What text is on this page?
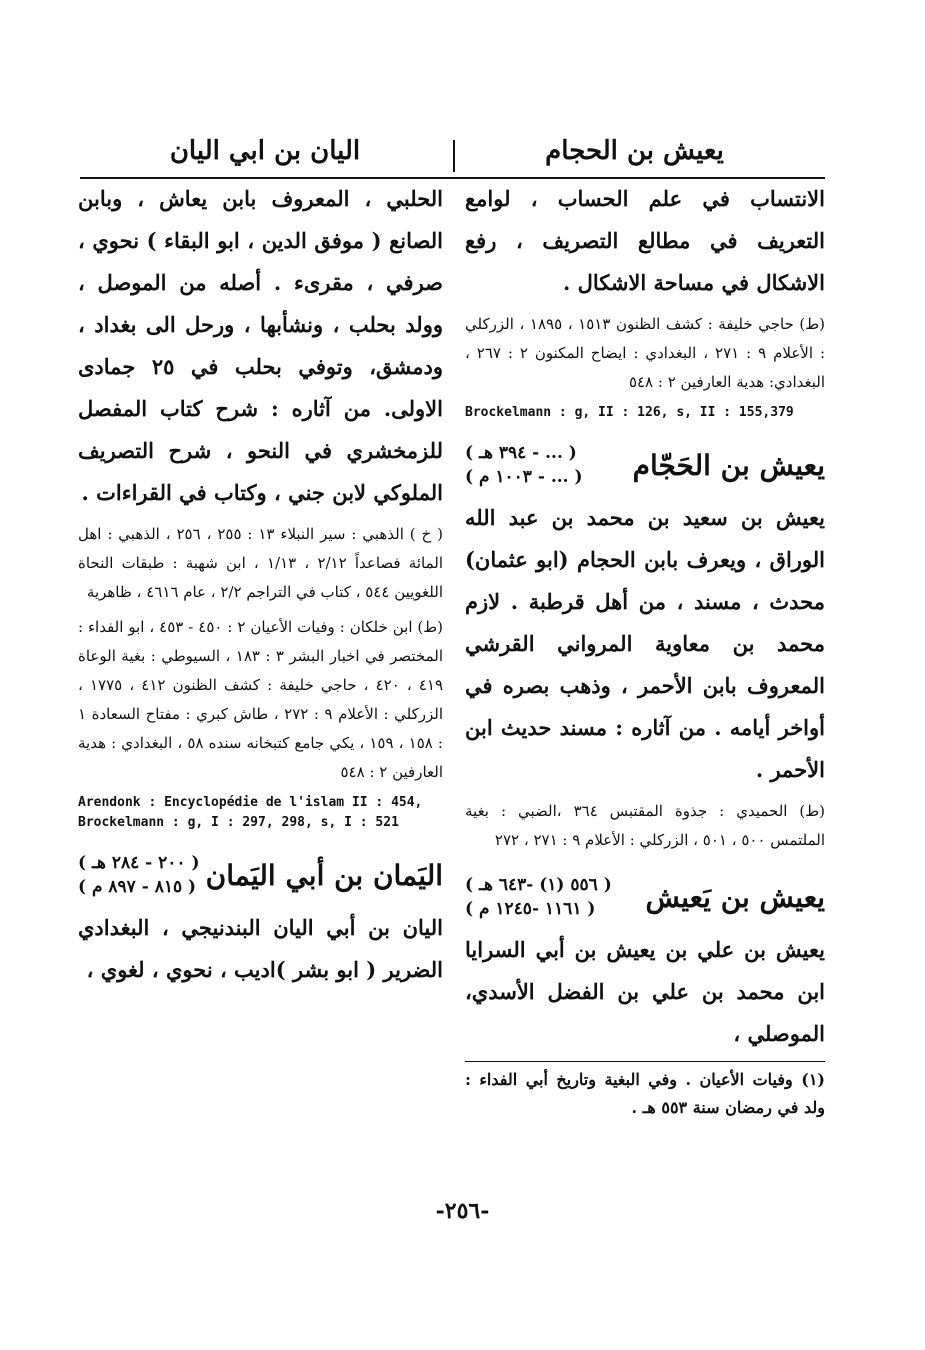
يعيش بن الحجام
اليان بن ابي اليان

الانتساب في علم الحساب ، لوامع التعريف في مطالع التصريف ، رفع الاشكال في مساحة الاشكال .

(ط) حاجي خليفة : كشف الظنون ١٥١٣ ، ١٨٩٥ ، الزركلي : الأعلام ٩ : ٢٧١ ، البغدادي : ايضاح المكنون ٢ : ٢٦٧ ، البغدادي: هدية العارفين ٢ : ٥٤٨

Brockelmann : g, II : 126, s, II : 155,379

يعيش بن الحَجّام
( ... - ٣٩٤ هـ )
( ... - ١٠٠٣ م )

يعيش بن سعيد بن محمد بن عبد الله الوراق ، ويعرف بابن الحجام (ابو عثمان) محدث ، مسند ، من أهل قرطبة . لازم محمد بن معاوية المرواني القرشي المعروف بابن الأحمر ، وذهب بصره في أواخر أيامه . من آثاره : مسند حديث ابن الأحمر .

(ط) الحميدي : جذوة المقتبس ٣٦٤ ،الضبي : بغية الملتمس ٥٠٠ ، ٥٠١ ، الزركلي : الأعلام ٩ : ٢٧١ ، ٢٧٢

يعيش بن يَعيش
( ٥٥٦ (١) -٦٤٣ هـ )
( ١١٦١ -١٢٤٥ م )

يعيش بن علي بن يعيش بن أبي السرايا ابن محمد بن علي بن الفضل الأسدي، الموصلي ،

(١) وفيات الأعيان . وفي البغية وتاريخ أبي الفداء : ولد في رمضان سنة ٥٥٣ هـ .

الحلبي ، المعروف بابن يعاش ، وبابن الصانع ( موفق الدين ، ابو البقاء ) نحوي ، صرفي ، مقرىء . أصله من الموصل ، وولد بحلب ، ونشأبها ، ورحل الى بغداد ، ودمشق، وتوفي بحلب في ٢٥ جمادى الاولى. من آثاره : شرح كتاب المفصل للزمخشري في النحو ، شرح التصريف الملوكي لابن جني ، وكتاب في القراءات .

( خ ) الذهبي : سير النبلاء ١٣ : ٢٥٥ ، ٢٥٦ ، الذهبي : اهل المائة فصاعداً ٢/١٢ ، ١/١٣ ، ابن شهبة : طبقات النحاة اللغويين ٥٤٤ ، كتاب في التراجم ٢/٢ ، عام ٤٦١٦ ، ظاهرية

(ط) ابن خلكان : وفيات الأعيان ٢ : ٤٥٠ - ٤٥٣ ، ابو الفداء : المختصر في اخبار البشر ٣ : ١٨٣ ، السيوطي : بغية الوعاة ٤١٩ ، ٤٢٠ ، حاجي خليفة : كشف الظنون ٤١٢ ، ١٧٧٥ ، الزركلي : الأعلام ٩ : ٢٧٢ ، طاش كبري : مفتاح السعادة ١ : ١٥٨ ، ١٥٩ ، يكي جامع كتبخانه سنده ٥٨ ، البغدادي : هدية العارفين ٢ : ٥٤٨

Arendonk : Encyclopédie de l'islam II : 454, Brockelmann : g, I : 297, 298, s, I : 521

اليَمان بن أبي اليَمان
( ٢٠٠ - ٢٨٤ هـ )
( ٨١٥ - ٨٩٧ م )

اليان بن أبي اليان البندنيجي ، البغدادي الضرير ( ابو بشر )اديب ، نحوي ، لغوي ،

-٢٥٦-
